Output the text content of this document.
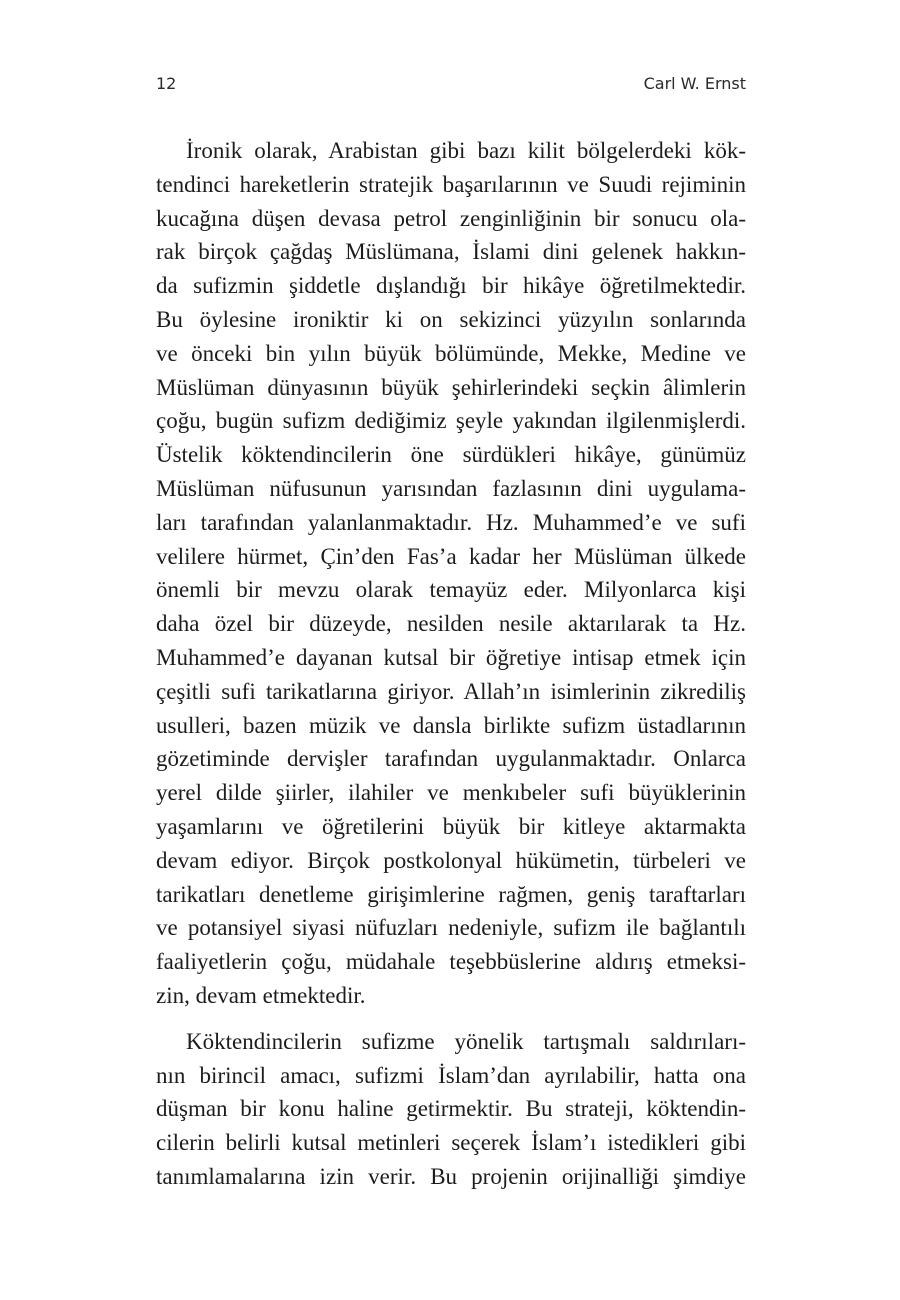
12	Carl W. Ernst

İronik olarak, Arabistan gibi bazı kilit bölgelerdeki kök-
tendinci hareketlerin stratejik başarılarının ve Suudi rejiminin
kucağına düşen devasa petrol zenginliğinin bir sonucu ola-
rak birçok çağdaş Müslümana, İslami dini gelenek hakkın-
da sufizmin şiddetle dışlandığı bir hikâye öğretilmektedir.
Bu öylesine ironiktir ki on sekizinci yüzyılın sonlarında
ve önceki bin yılın büyük bölümünde, Mekke, Medine ve
Müslüman dünyasının büyük şehirlerindeki seçkin âlimlerin
çoğu, bugün sufizm dediğimiz şeyle yakından ilgilenmişlerdi.
Üstelik köktendincilerin öne sürdükleri hikâye, günümüz
Müslüman nüfusunun yarısından fazlasının dini uygulama-
ları tarafından yalanlanmaktadır. Hz. Muhammed’e ve sufi
velilere hürmet, Çin’den Fas’a kadar her Müslüman ülkede
önemli bir mevzu olarak temayüz eder. Milyonlarca kişi
daha özel bir düzeyde, nesilden nesile aktarılarak ta Hz.
Muhammed’e dayanan kutsal bir öğretiye intisap etmek için
çeşitli sufi tarikatlarına giriyor. Allah’ın isimlerinin zikrediliş
usulleri, bazen müzik ve dansla birlikte sufizm üstadlarının
gözetiminde dervişler tarafından uygulanmaktadır. Onlarca
yerel dilde şiirler, ilahiler ve menkıbeler sufi büyüklerinin
yaşamlarını ve öğretilerini büyük bir kitleye aktarmakta
devam ediyor. Birçok postkolonyal hükümetin, türbeleri ve
tarikatları denetleme girişimlerine rağmen, geniş taraftarları
ve potansiyel siyasi nüfuzları nedeniyle, sufizm ile bağlantılı
faaliyetlerin çoğu, müdahale teşebbüslerine aldırış etmeksi-
zin, devam etmektedir.

Köktendincilerin sufizme yönelik tartışmalı saldırıları-
nın birincil amacı, sufizmi İslam’dan ayrılabilir, hatta ona
düşman bir konu haline getirmektir. Bu strateji, köktendin-
cilerin belirli kutsal metinleri seçerek İslam’ı istedikleri gibi
tanımlamalarına izin verir. Bu projenin orijinalliği şimdiye
